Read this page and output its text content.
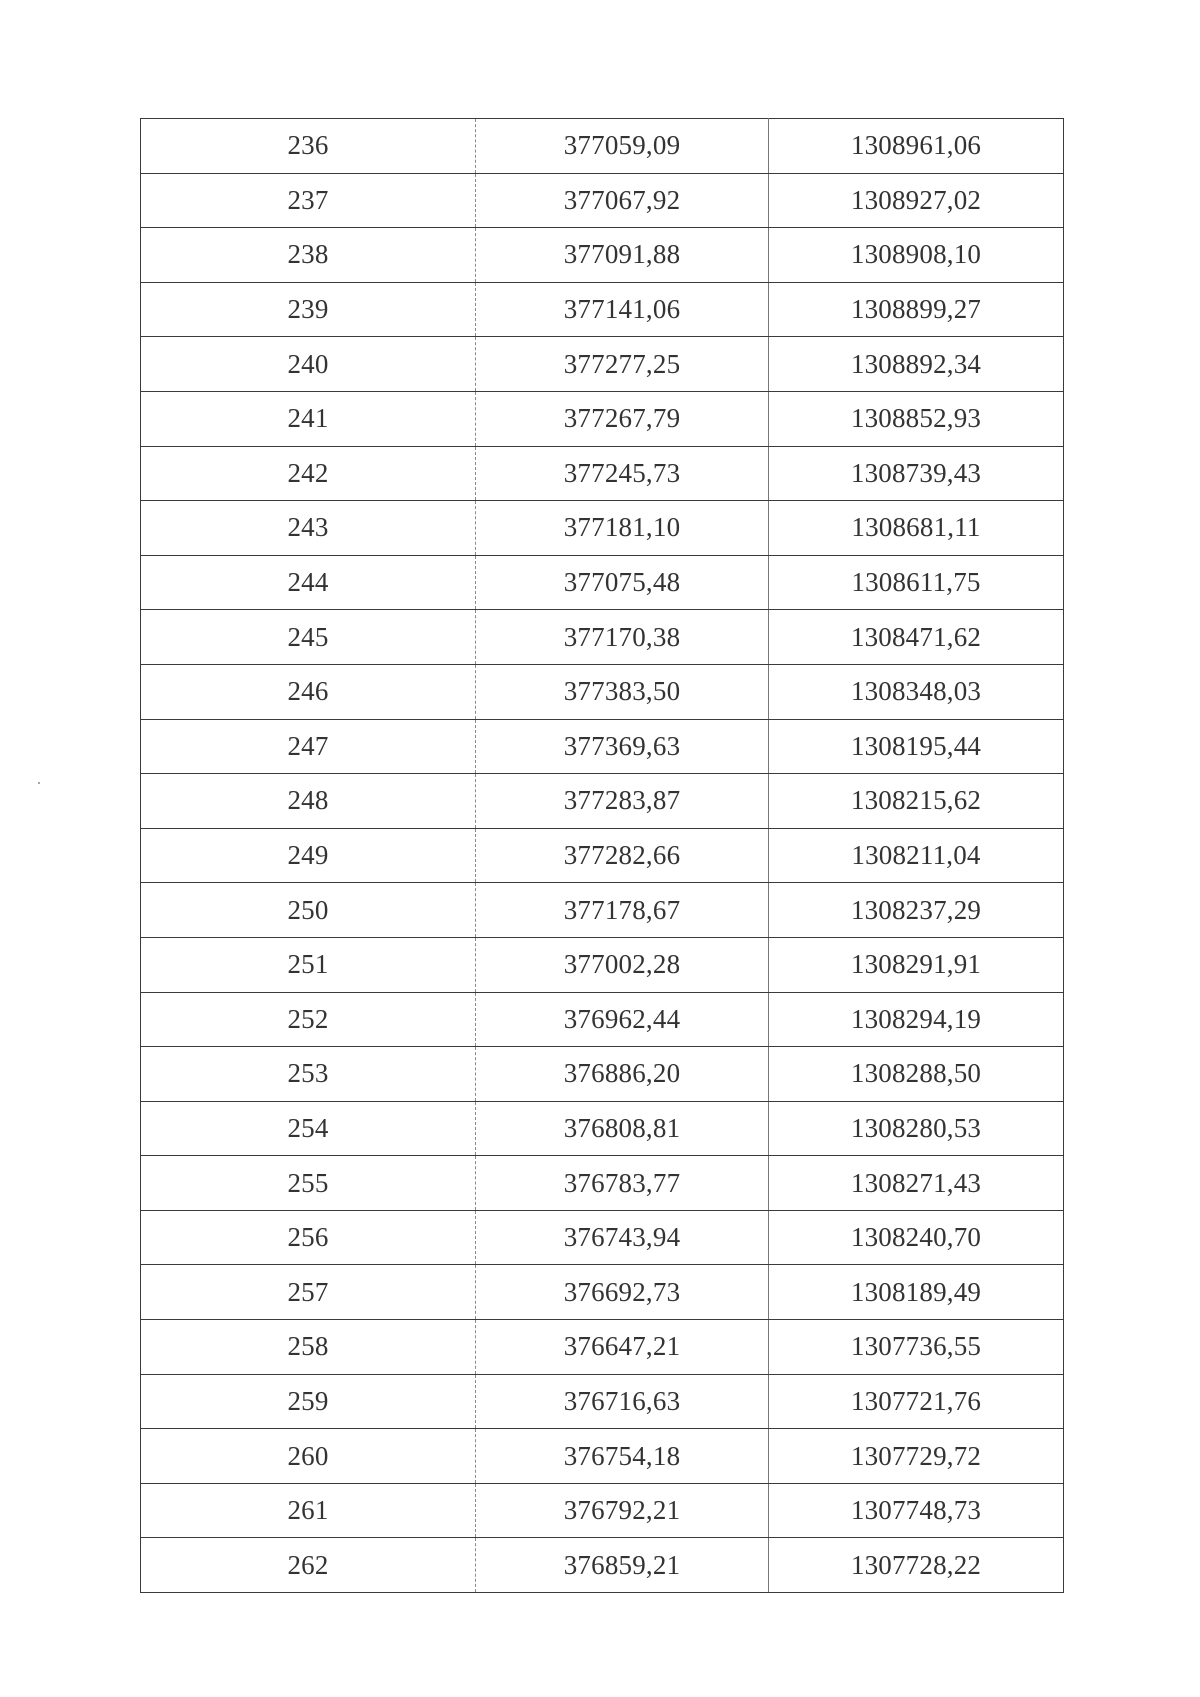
236	377059,09	1308961,06
237	377067,92	1308927,02
238	377091,88	1308908,10
239	377141,06	1308899,27
240	377277,25	1308892,34
241	377267,79	1308852,93
242	377245,73	1308739,43
243	377181,10	1308681,11
244	377075,48	1308611,75
245	377170,38	1308471,62
246	377383,50	1308348,03
247	377369,63	1308195,44
248	377283,87	1308215,62
249	377282,66	1308211,04
250	377178,67	1308237,29
251	377002,28	1308291,91
252	376962,44	1308294,19
253	376886,20	1308288,50
254	376808,81	1308280,53
255	376783,77	1308271,43
256	376743,94	1308240,70
257	376692,73	1308189,49
258	376647,21	1307736,55
259	376716,63	1307721,76
260	376754,18	1307729,72
261	376792,21	1307748,73
262	376859,21	1307728,22
